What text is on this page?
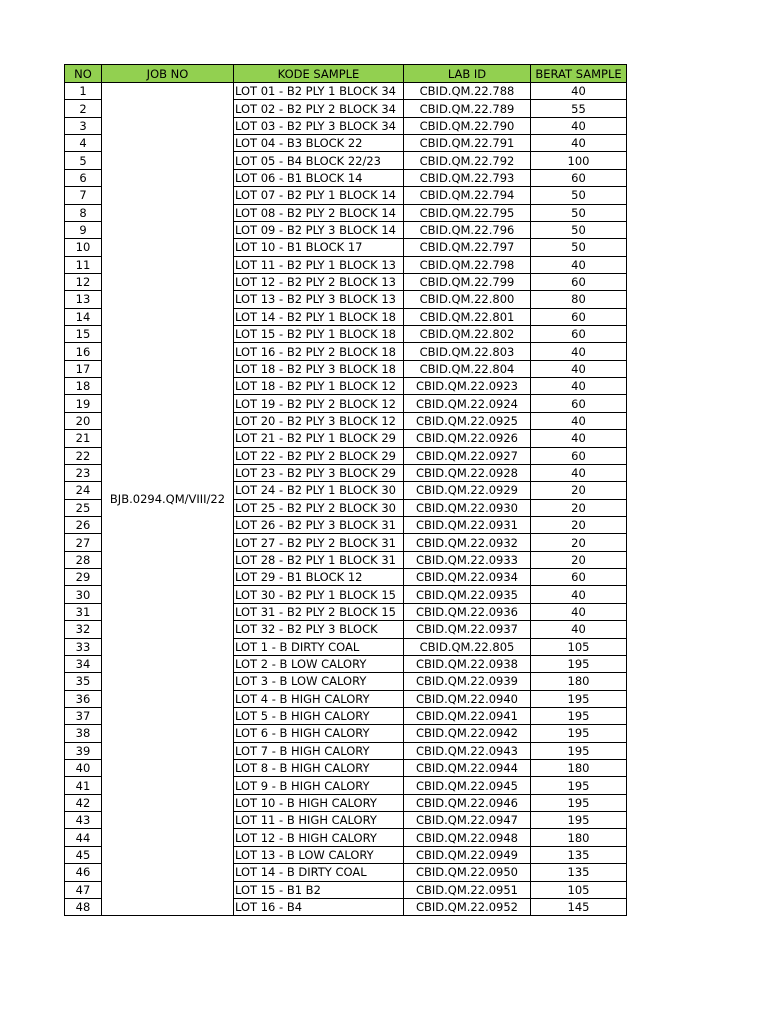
NO	JOB NO	KODE SAMPLE	LAB ID	BERAT SAMPLE
1	BJB.0294.QM/VIII/22	LOT 01 - B2 PLY 1 BLOCK 34	CBID.QM.22.788	40
2		LOT 02 - B2 PLY 2 BLOCK 34	CBID.QM.22.789	55
3		LOT 03 - B2 PLY 3 BLOCK 34	CBID.QM.22.790	40
4		LOT 04 - B3 BLOCK 22	CBID.QM.22.791	40
5		LOT 05 - B4 BLOCK 22/23	CBID.QM.22.792	100
6		LOT 06 - B1 BLOCK 14	CBID.QM.22.793	60
7		LOT 07 - B2 PLY 1 BLOCK 14	CBID.QM.22.794	50
8		LOT 08 - B2 PLY 2 BLOCK 14	CBID.QM.22.795	50
9		LOT 09 - B2 PLY 3 BLOCK 14	CBID.QM.22.796	50
10		LOT 10 - B1 BLOCK 17	CBID.QM.22.797	50
11		LOT 11 - B2 PLY 1 BLOCK 13	CBID.QM.22.798	40
12		LOT 12 - B2 PLY 2 BLOCK 13	CBID.QM.22.799	60
13		LOT 13 - B2 PLY 3 BLOCK 13	CBID.QM.22.800	80
14		LOT 14 - B2 PLY 1 BLOCK 18	CBID.QM.22.801	60
15		LOT 15 - B2 PLY 1 BLOCK 18	CBID.QM.22.802	60
16		LOT 16 - B2 PLY 2 BLOCK 18	CBID.QM.22.803	40
17		LOT 18 - B2 PLY 3 BLOCK 18	CBID.QM.22.804	40
18		LOT 18 - B2 PLY 1 BLOCK 12	CBID.QM.22.0923	40
19		LOT 19 - B2 PLY 2 BLOCK 12	CBID.QM.22.0924	60
20		LOT 20 - B2 PLY 3 BLOCK 12	CBID.QM.22.0925	40
21		LOT 21 - B2 PLY 1 BLOCK 29	CBID.QM.22.0926	40
22		LOT 22 - B2 PLY 2 BLOCK 29	CBID.QM.22.0927	60
23		LOT 23 - B2 PLY 3 BLOCK 29	CBID.QM.22.0928	40
24		LOT 24 - B2 PLY 1 BLOCK 30	CBID.QM.22.0929	20
25		LOT 25 - B2 PLY 2 BLOCK 30	CBID.QM.22.0930	20
26		LOT 26 - B2 PLY 3 BLOCK 31	CBID.QM.22.0931	20
27		LOT 27 - B2 PLY 2 BLOCK 31	CBID.QM.22.0932	20
28		LOT 28 - B2 PLY 1 BLOCK 31	CBID.QM.22.0933	20
29		LOT 29 - B1 BLOCK 12	CBID.QM.22.0934	60
30		LOT 30 - B2 PLY 1 BLOCK 15	CBID.QM.22.0935	40
31		LOT 31 - B2 PLY 2 BLOCK 15	CBID.QM.22.0936	40
32		LOT 32 - B2 PLY 3 BLOCK	CBID.QM.22.0937	40
33		LOT 1 - B DIRTY COAL	CBID.QM.22.805	105
34		LOT 2 - B LOW CALORY	CBID.QM.22.0938	195
35		LOT 3 - B LOW CALORY	CBID.QM.22.0939	180
36		LOT 4 - B HIGH CALORY	CBID.QM.22.0940	195
37		LOT 5 - B HIGH CALORY	CBID.QM.22.0941	195
38		LOT 6 - B HIGH CALORY	CBID.QM.22.0942	195
39		LOT 7 - B HIGH CALORY	CBID.QM.22.0943	195
40		LOT 8 - B HIGH CALORY	CBID.QM.22.0944	180
41		LOT 9 - B HIGH CALORY	CBID.QM.22.0945	195
42		LOT 10 - B HIGH CALORY	CBID.QM.22.0946	195
43		LOT 11 - B HIGH CALORY	CBID.QM.22.0947	195
44		LOT 12 - B HIGH CALORY	CBID.QM.22.0948	180
45		LOT 13 - B LOW CALORY	CBID.QM.22.0949	135
46		LOT 14 - B DIRTY COAL	CBID.QM.22.0950	135
47		LOT 15 - B1 B2	CBID.QM.22.0951	105
48		LOT 16 - B4	CBID.QM.22.0952	145
